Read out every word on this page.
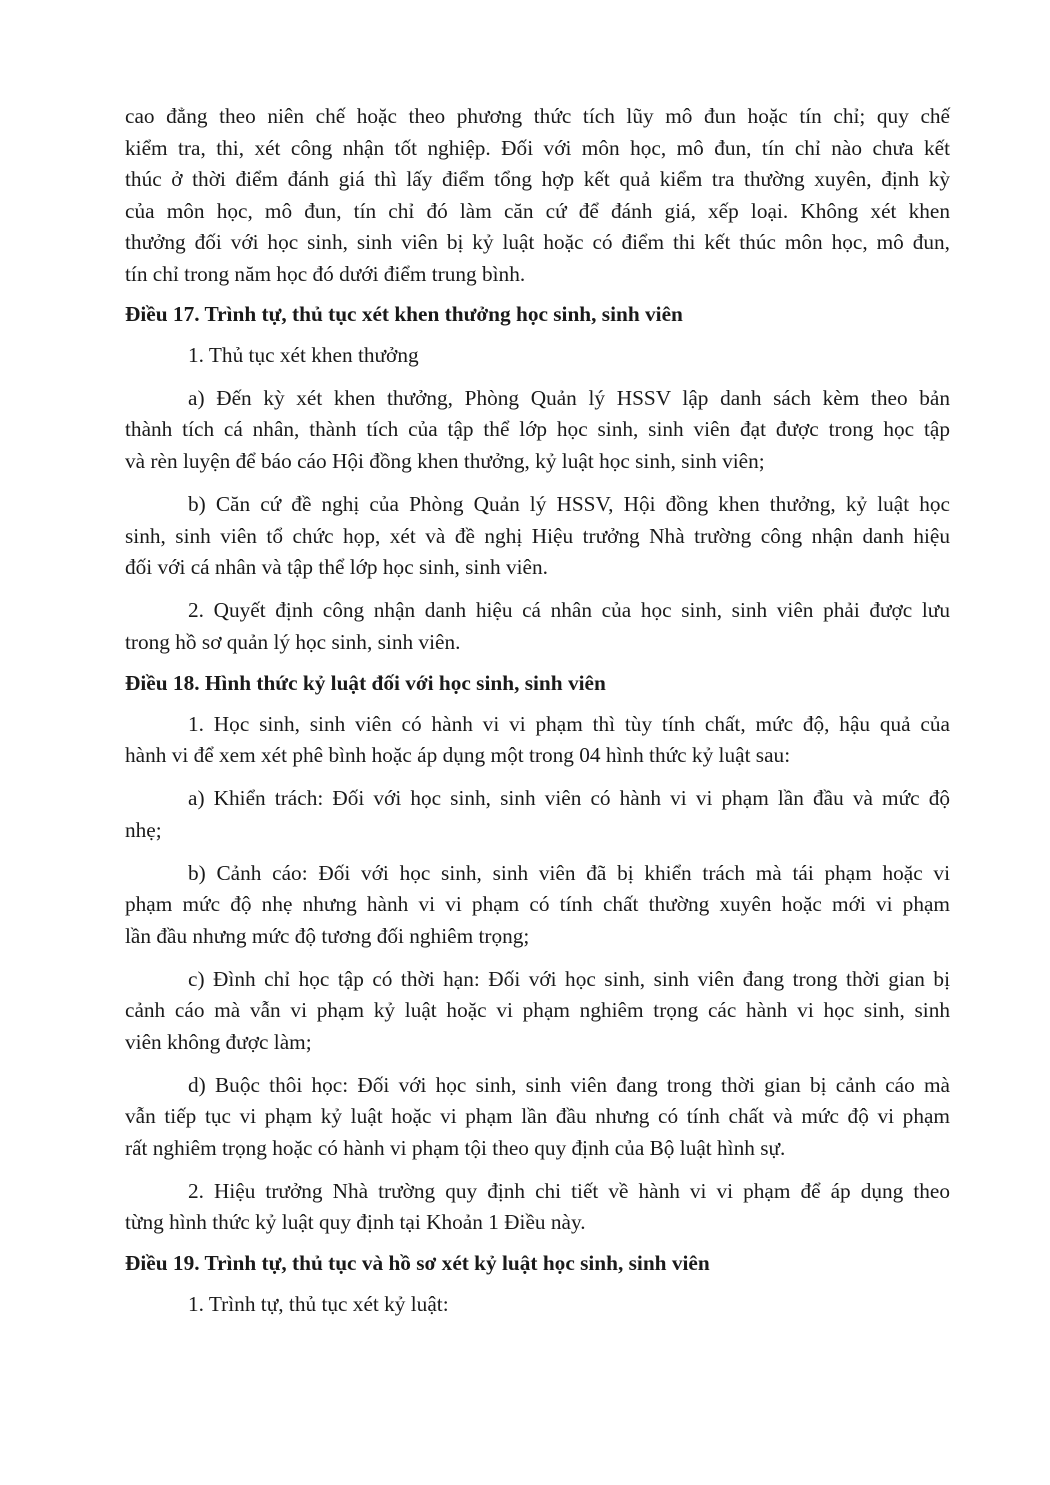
cao đẳng theo niên chế hoặc theo phương thức tích lũy mô đun hoặc tín chỉ; quy chế
kiểm tra, thi, xét công nhận tốt nghiệp. Đối với môn học, mô đun, tín chỉ nào chưa kết
thúc ở thời điểm đánh giá thì lấy điểm tổng hợp kết quả kiểm tra thường xuyên, định kỳ
của môn học, mô đun, tín chỉ đó làm căn cứ để đánh giá, xếp loại. Không xét khen
thưởng đối với học sinh, sinh viên bị kỷ luật hoặc có điểm thi kết thúc môn học, mô đun,
tín chỉ trong năm học đó dưới điểm trung bình.
Điều 17. Trình tự, thủ tục xét khen thưởng học sinh, sinh viên
1. Thủ tục xét khen thưởng
a) Đến kỳ xét khen thưởng, Phòng Quản lý HSSV lập danh sách kèm theo bản
thành tích cá nhân, thành tích của tập thể lớp học sinh, sinh viên đạt được trong học tập
và rèn luyện để báo cáo Hội đồng khen thưởng, kỷ luật học sinh, sinh viên;
b) Căn cứ đề nghị của Phòng Quản lý HSSV, Hội đồng khen thưởng, kỷ luật học
sinh, sinh viên tổ chức họp, xét và đề nghị Hiệu trưởng Nhà trường công nhận danh hiệu
đối với cá nhân và tập thể lớp học sinh, sinh viên.
2. Quyết định công nhận danh hiệu cá nhân của học sinh, sinh viên phải được lưu
trong hồ sơ quản lý học sinh, sinh viên.
Điều 18. Hình thức kỷ luật đối với học sinh, sinh viên
1. Học sinh, sinh viên có hành vi vi phạm thì tùy tính chất, mức độ, hậu quả của
hành vi để xem xét phê bình hoặc áp dụng một trong 04 hình thức kỷ luật sau:
a) Khiển trách: Đối với học sinh, sinh viên có hành vi vi phạm lần đầu và mức độ
nhẹ;
b) Cảnh cáo: Đối với học sinh, sinh viên đã bị khiển trách mà tái phạm hoặc vi
phạm mức độ nhẹ nhưng hành vi vi phạm có tính chất thường xuyên hoặc mới vi phạm
lần đầu nhưng mức độ tương đối nghiêm trọng;
c) Đình chỉ học tập có thời hạn: Đối với học sinh, sinh viên đang trong thời gian bị
cảnh cáo mà vẫn vi phạm kỷ luật hoặc vi phạm nghiêm trọng các hành vi học sinh, sinh
viên không được làm;
d) Buộc thôi học: Đối với học sinh, sinh viên đang trong thời gian bị cảnh cáo mà
vẫn tiếp tục vi phạm kỷ luật hoặc vi phạm lần đầu nhưng có tính chất và mức độ vi phạm
rất nghiêm trọng hoặc có hành vi phạm tội theo quy định của Bộ luật hình sự.
2. Hiệu trưởng Nhà trường quy định chi tiết về hành vi vi phạm để áp dụng theo
từng hình thức kỷ luật quy định tại Khoản 1 Điều này.
Điều 19. Trình tự, thủ tục và hồ sơ xét kỷ luật học sinh, sinh viên
1. Trình tự, thủ tục xét kỷ luật:
